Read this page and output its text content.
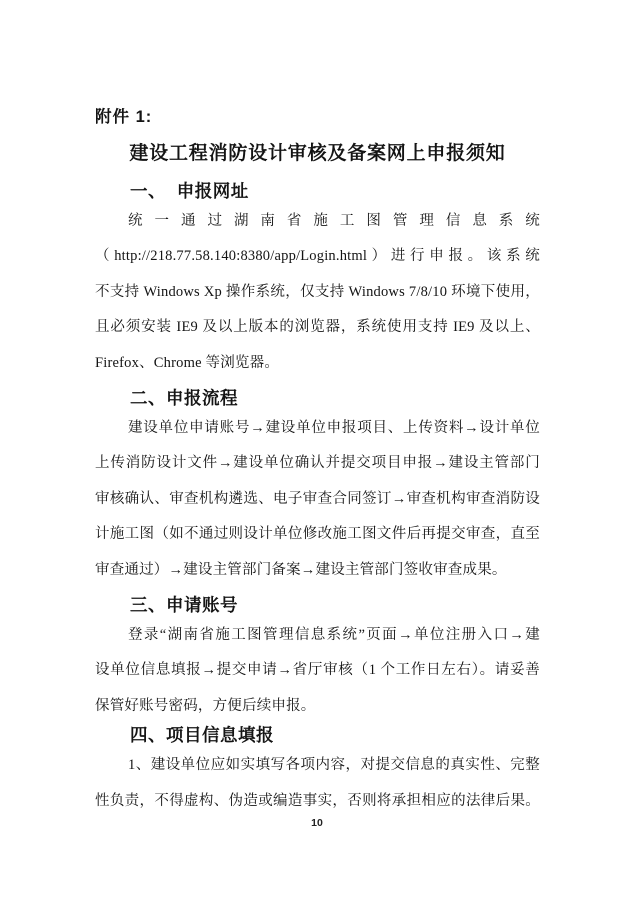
附件 1:
建设工程消防设计审核及备案网上申报须知
一、  申报网址
统一通过湖南省施工图管理信息系统
（http://218.77.58.140:8380/app/Login.html）进行申报。该系统
不支持 Windows Xp 操作系统，仅支持 Windows 7/8/10 环境下使用，
且必须安装 IE9 及以上版本的浏览器，系统使用支持 IE9 及以上、
Firefox、Chrome 等浏览器。
二、申报流程
建设单位申请账号→建设单位申报项目、上传资料→设计单位
上传消防设计文件→建设单位确认并提交项目申报→建设主管部门
审核确认、审查机构遴选、电子审查合同签订→审查机构审查消防设
计施工图（如不通过则设计单位修改施工图文件后再提交审查，直至
审查通过）→建设主管部门备案→建设主管部门签收审查成果。
三、申请账号
登录“湖南省施工图管理信息系统”页面→单位注册入口→建
设单位信息填报→提交申请→省厅审核（1 个工作日左右）。请妥善
保管好账号密码，方便后续申报。
四、项目信息填报
1、建设单位应如实填写各项内容，对提交信息的真实性、完整
性负责，不得虚构、伪造或编造事实，否则将承担相应的法律后果。
10
